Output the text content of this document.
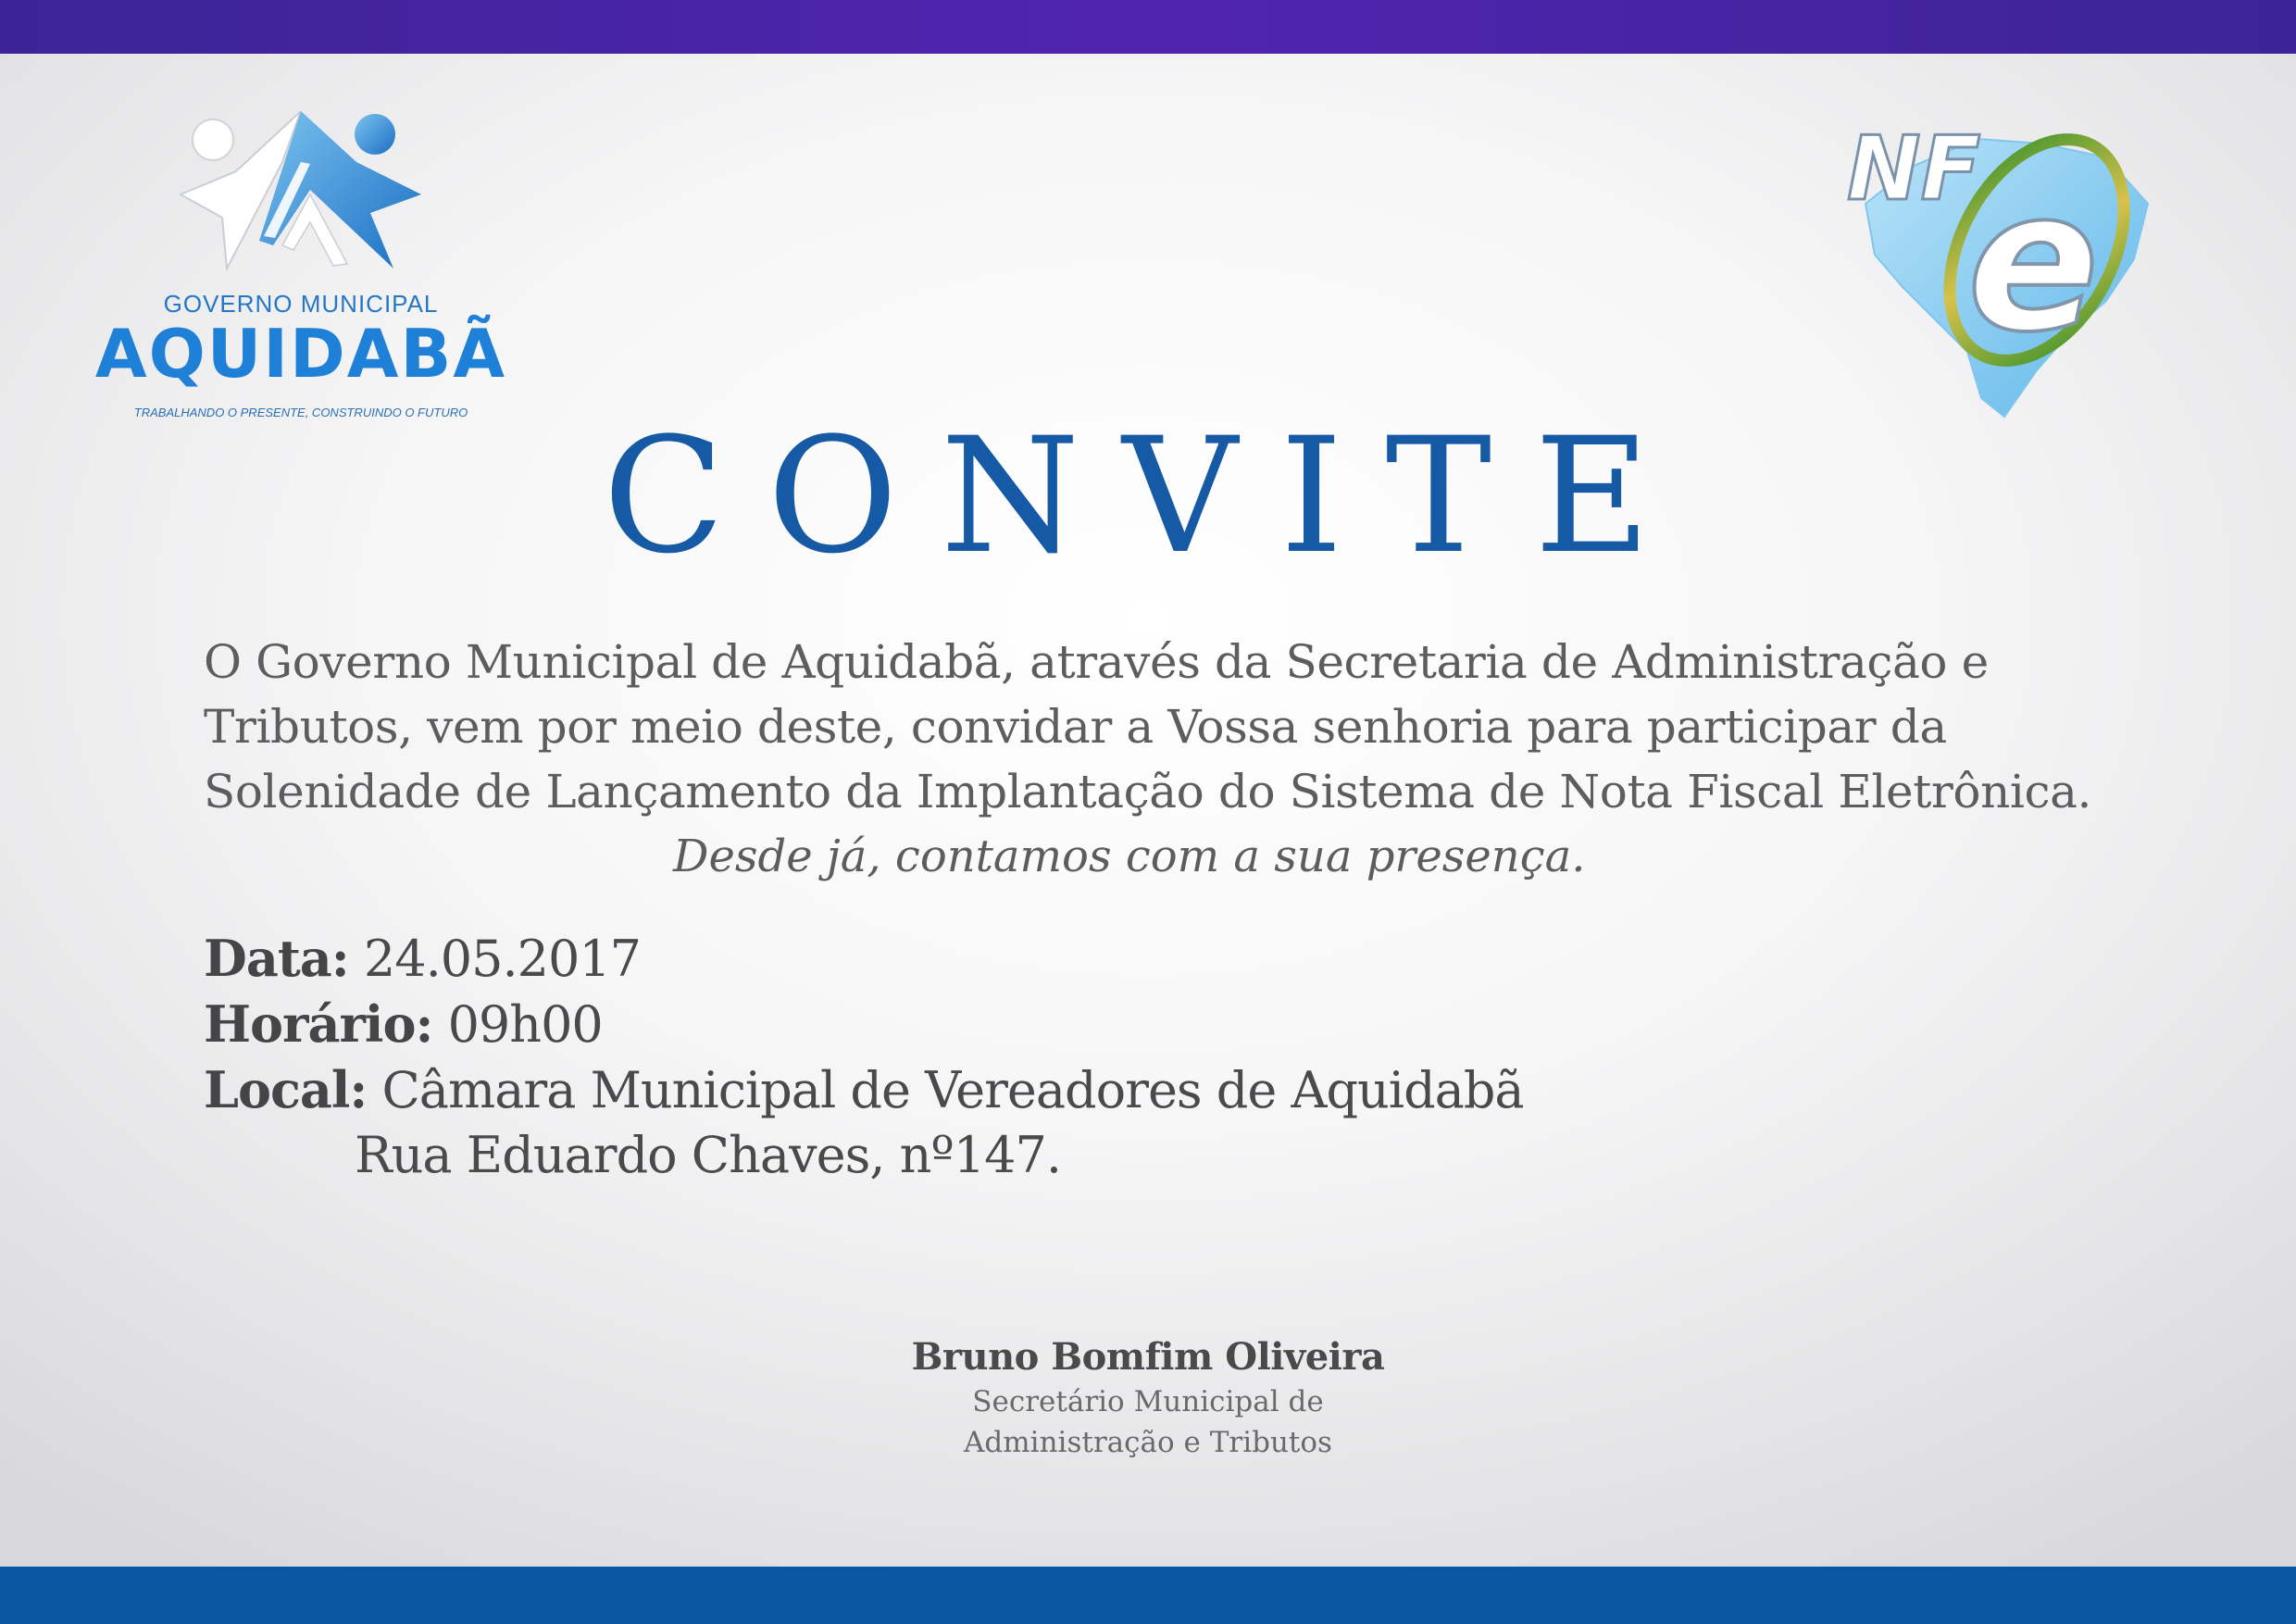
GOVERNO MUNICIPAL
AQUIDABÃ
TRABALHANDO O PRESENTE, CONSTRUINDO O FUTURO
NF
e
CONVITE
O Governo Municipal de Aquidabã, através da Secretaria de Administração e
Tributos, vem por meio deste, convidar a Vossa senhoria para participar da
Solenidade de Lançamento da Implantação do Sistema de Nota Fiscal Eletrônica.
Desde já, contamos com a sua presença.
Data: 24.05.2017
Horário: 09h00
Local: Câmara Municipal de Vereadores de Aquidabã
Rua Eduardo Chaves, nº147.
Bruno Bomfim Oliveira
Secretário Municipal de
Administração e Tributos
